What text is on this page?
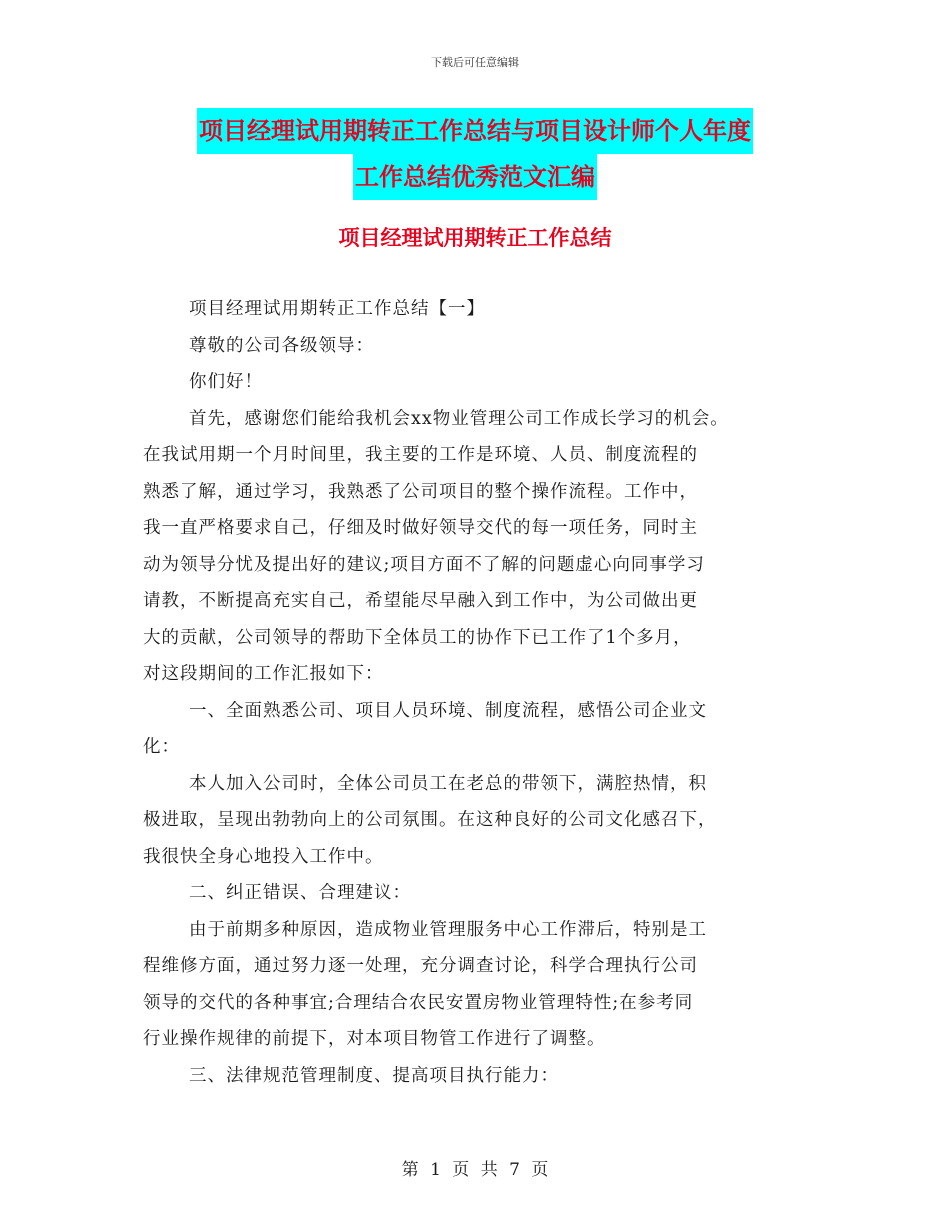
下载后可任意编辑
项目经理试用期转正工作总结与项目设计师个人年度
工作总结优秀范文汇编
项目经理试用期转正工作总结
项目经理试用期转正工作总结【一】
尊敬的公司各级领导：
你们好！
首先，感谢您们能给我机会xx物业管理公司工作成长学习的机会。
在我试用期一个月时间里，我主要的工作是环境、人员、制度流程的
熟悉了解，通过学习，我熟悉了公司项目的整个操作流程。工作中，
我一直严格要求自己，仔细及时做好领导交代的每一项任务，同时主
动为领导分忧及提出好的建议;项目方面不了解的问题虚心向同事学习
请教，不断提高充实自己，希望能尽早融入到工作中，为公司做出更
大的贡献，公司领导的帮助下全体员工的协作下已工作了1个多月，
对这段期间的工作汇报如下：
一、全面熟悉公司、项目人员环境、制度流程，感悟公司企业文
化：
本人加入公司时，全体公司员工在老总的带领下，满腔热情，积
极进取，呈现出勃勃向上的公司氛围。在这种良好的公司文化感召下，
我很快全身心地投入工作中。
二、纠正错误、合理建议：
由于前期多种原因，造成物业管理服务中心工作滞后，特别是工
程维修方面，通过努力逐一处理，充分调查讨论，科学合理执行公司
领导的交代的各种事宜;合理结合农民安置房物业管理特性;在参考同
行业操作规律的前提下，对本项目物管工作进行了调整。
三、法律规范管理制度、提高项目执行能力：
第 1 页 共 7 页
